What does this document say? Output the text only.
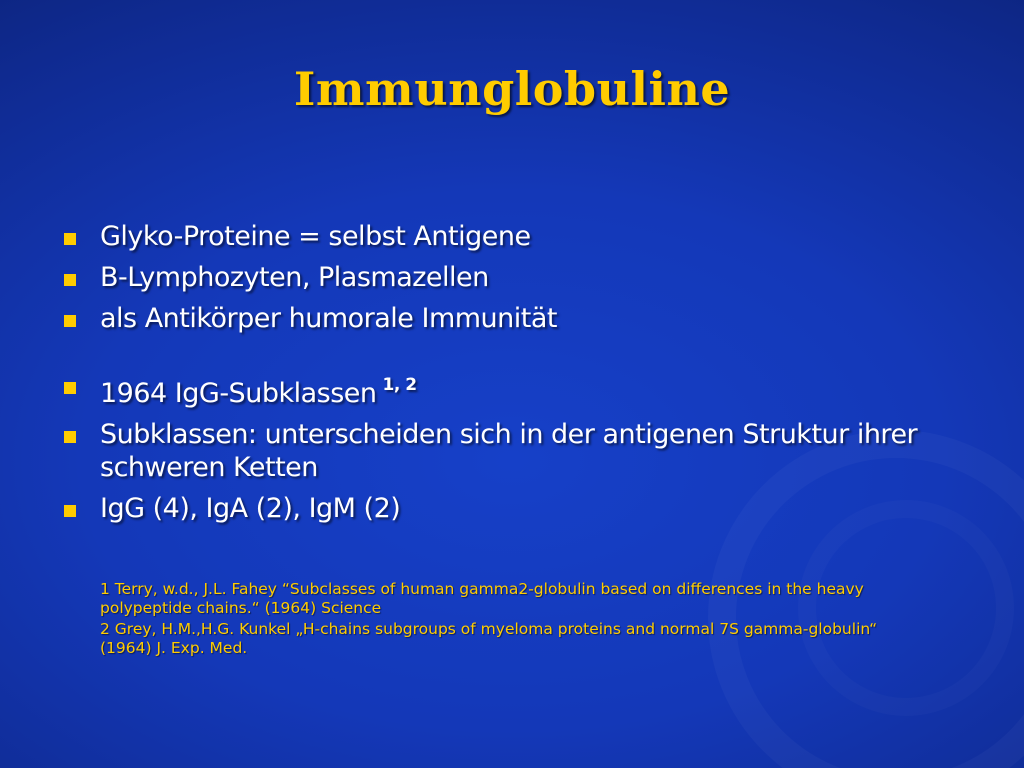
Immunglobuline
Glyko-Proteine = selbst Antigene
B-Lymphozyten, Plasmazellen
als Antikörper humorale Immunität
1964 IgG-Subklassen $^{1, 2}$
Subklassen: unterscheiden sich in der antigenen Struktur ihrer schweren Ketten
IgG (4), IgA (2), IgM (2)
1 Terry, w.d., J.L. Fahey “Subclasses of human gamma2-globulin based on differences in the heavy polypeptide chains.“ (1964) Science
2 Grey, H.M.,H.G. Kunkel „H-chains subgroups of myeloma proteins and normal 7S gamma-globulin“ (1964) J. Exp. Med.
